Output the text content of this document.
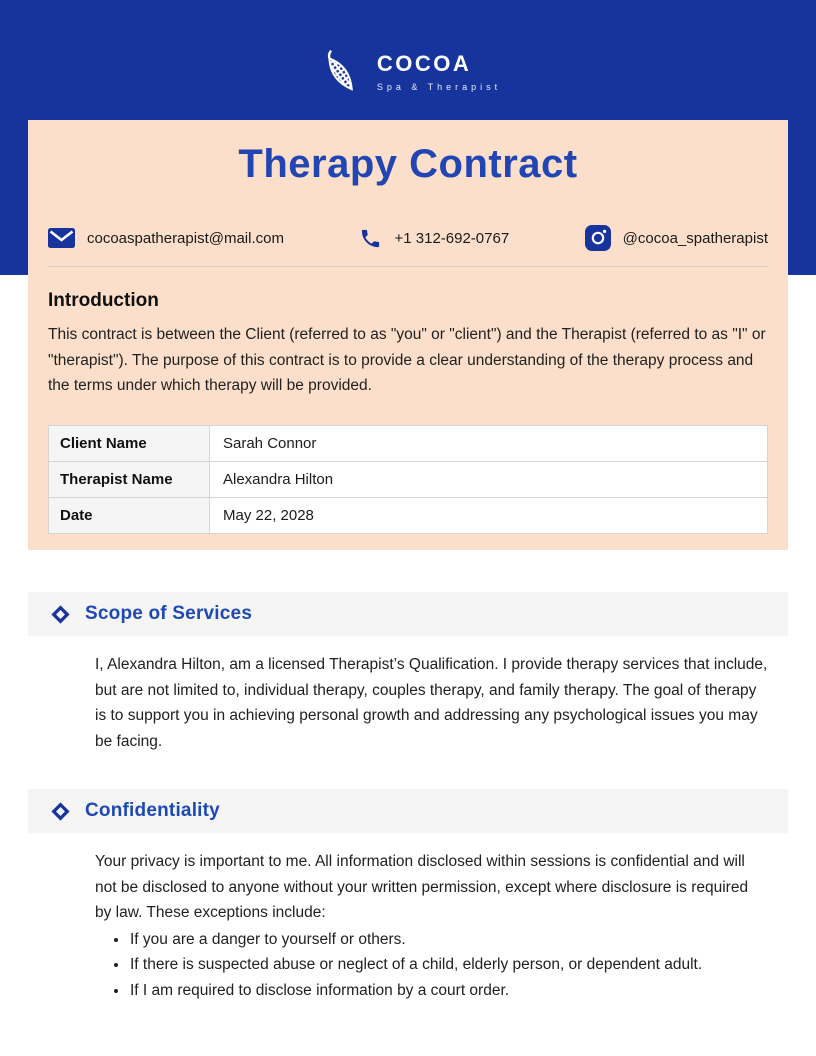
COCOA
Spa & Therapist
Therapy Contract
cocoaspatherapist@mail.com	+1 312-692-0767	@cocoa_spatherapist
Introduction

This contract is between the Client (referred to as "you" or "client") and the Therapist (referred to as "I" or "therapist"). The purpose of this contract is to provide a clear understanding of the therapy process and the terms under which therapy will be provided.

Client Name	Sarah Connor
Therapist Name	Alexandra Hilton
Date	May 22, 2028
Scope of Services

I, Alexandra Hilton, am a licensed Therapist’s Qualification. I provide therapy services that include, but are not limited to, individual therapy, couples therapy, and family therapy. The goal of therapy is to support you in achieving personal growth and addressing any psychological issues you may be facing.

Confidentiality

Your privacy is important to me. All information disclosed within sessions is confidential and will not be disclosed to anyone without your written permission, except where disclosure is required by law. These exceptions include:

• If you are a danger to yourself or others.
• If there is suspected abuse or neglect of a child, elderly person, or dependent adult.
• If I am required to disclose information by a court order.
